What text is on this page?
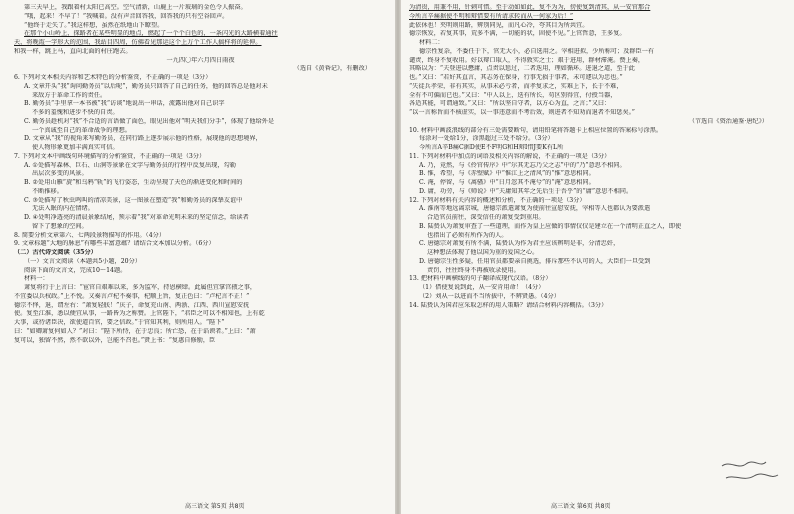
第三天早上，我跟着村太阳已高空。空气清新，山鹿上一片玻璃的金色令人振奋。
“哦，起来！不早了！”我喊着。没有声音回答我，回答我的只有空谷回声。
“他终于走失了。”我这样想，虽然在纸地山下瞭望。
在那个小山岭上，探路者在某些明显的地点，燃起了一个个白色的，一条闪光的大路横着通往
天，将晚霞一字形大的范围，我站目四周，仿佛看见那运这个上万个工作人搞样将的延伸。
和我一样，跳上马，直向北面的村庄跑去。
一九四〇年六月四日雨夜
（选自《黄昏记》，有删改）
6. 下列对文本相关内容和艺术特色的分析鉴赏，不正确的一项是（3分）
A. 文章开头“我”询问勤务员“以后呢”，勤务员只回答了自己的任务，他的回答总是他对未
来敌方于革命工作的责任。
B. 勤务员“手里拿一本书被”我“访谈”地说出一串话，流露出他对自己识字
不多的羞愧和进步不快的自责。
C. 勤务员趁机对“我”不合适的言语做了面色，眼见出他对“明天我们分手”，体现了他给外是
一个真诚至自己的革命战争的理想。
D. 文章从“我”的视角来写勤务员，在同行路上逐步展示他的性格，展现他的思想境界，
使人物形象更加丰满真实可信。
7. 下列对文本中画线句环境描写的分析鉴赏，不正确的一项是（3分）
A. ①处描写森林、巨石、山涧等景象在文字与勤务员的行程中反复出现，勾勒
出层次多变的风景。
B. ②处用山雁“旋”和乌鸦“轨”的飞行姿态，生动呈现了天色的渐进变化和时间的
不断推移。
C. ③处描写了秋虫鸣叫的清凉美景，这一图景在塑造“我”和勤务员的深挚友谊中
无法入眠的内在情绪。
D. ④处明净透亮的清晨景象结尾，预示着“我”对革命光明未来的坚定信念，给读者
留下了想象的空间。
8. 简要分析文章第六、七两段景物描写的作用。（4分）
9. 文章标题“大地的脉息”有哪些丰富意蕴？请结合文本加以分析。（6分）
（二）古代诗文阅读（35分）
（一）文言文阅读（本题共5小题，20分）
阅读下面的文言文，完成10～14题。
材料一：
萧复将行于上言曰：“宦官自艰难以来，多为监军，持恩横肆。此属但宜掌宫掖之事，
不宜委以兵权政。”上不悦。又奏言卢杞不奏事，杞顺上旨，复正色曰：“卢杞言不正！”
德宗不怿，退，谓左右：“萧复轻朕！”庆子，命复充山南、两浙、江西、西川宣慰安抚
使。复至江淮，悉以便宜从事，一路皆为之称赞。上官陛下，“君臣之可以不相知也，上有乾
大事，或待诸臣决，欲使道百官，要之信政。”于官知其利，则所用人。“陛下”
曰：“如卿萧复何如人？”对曰：“陛下所恃，在于忠良；所亡恐，在于谄谀者。”上曰：“萧
复可以，独留不然，然不欲以外，岂能不召也。”贤上书：“复惠自修励，臣
高三语文 第5页 共8页
为清贵，用兼不用，针刺可惜。至于动如如此，复不为为，傍使复到清其，从一安官那合
今所言辛痛据使不明和辩惜要有所请求转而从一何家为后！”
此依休也！夹明则用路，辨别同见，而凡心冷，夸其目为所共宜。
德宗恢发，若复其事，荒多不满，一切能的状，固使不见。”上官哲意，王多复。
材料二：
德宗性复杂，不委任于下，官无大小，必自选用之。宰相进拟，少所称可；及群臣一有
谴责，终身不复收用。好以辩口取人，不得敦实之士；艰于进用，群材滞淹。赞上奏，
其略以为：“夫登进以懋庸，点责以惩过，二者迭用，理如循环。进退之道，至于此
也。”又曰：“若好其直言，其志务在保身，行事无损于事者，未可遽以为忠也。”
“失徒兵孝荣，非有其实，从事未必亏者，而孝复求之，实难上下，长于不难，
全有不可偏而已也。”又曰：“中人以上，迭有所长，苟区别得宜，付授当器，
各适其能，可谓通致。”又曰：“所以坚自守者，以方心为直，之言；”又曰：
“以一言称旨而不核虚实，以一事违意而不考后效，则进者不知劝而退者不知惩矣。”
（节选自《资治通鉴·唐纪》）
10. 材料中画波浪线的部分有三处需要断句，请用铅笔将答题卡上相应位置的答案标号涂黑。
每涂对一处给1分，涂黑超过三处不给分。（3分）
今所言A辛B痛C据D使E不F明G和H辩I惜J要K有L所
11. 下列对材料中加点的词语及相关内容的解说，不正确的一项是（3分）
A. 乃，竟然，与《伶官传序》中“尔其无忘乃父之志”中的“乃”意思不相同。
B. 惟，希望，与《赤壁赋》中“惟江上之清风”的“惟”意思相同。
C. 淹，停留，与《离骚》中“日月忽其不淹兮”的“淹”意思相同。
D. 庸，功劳，与《师说》中“夫庸知其年之先后生于吾乎”的“庸”意思不相同。
12. 下列对材料有关内容的概述和分析，不正确的一项是（3分）
A. 淮南等地远离京城，唐德宗派遣萧复为使前往宣慰安抚，宰相等人也都认为要派遣
合适官员前往，深受信任的萧复受到重用。
B. 陆贽认为萧复审查了一些道理，而作为皇上应做的事情仅仅是建立在一个清明正直之人，即使
也指出了必须有所作为的人。
C. 唐德宗对萧复有所不满，陆贽认为作为君主应该辨明是非，分清忠奸，
这种想法体现了他以国为重的爱国之心。
D. 唐德宗生性多疑，任用官员都要亲自挑选，排斥那些不认可的人，大臣们一旦受到
责罚，往往终身不再被收录使用。
13. 把材料中画横线的句子翻译成现代汉语。（8分）
（1）借使复说到此，从一安肯用命！（4分）
（2）刘从一以进而不当所拔中，不辨贤愚。（4分）
14. 陆贽认为国君应采取怎样的用人策略？请结合材料内容概括。（3分）
高三语文 第6页 共8页
